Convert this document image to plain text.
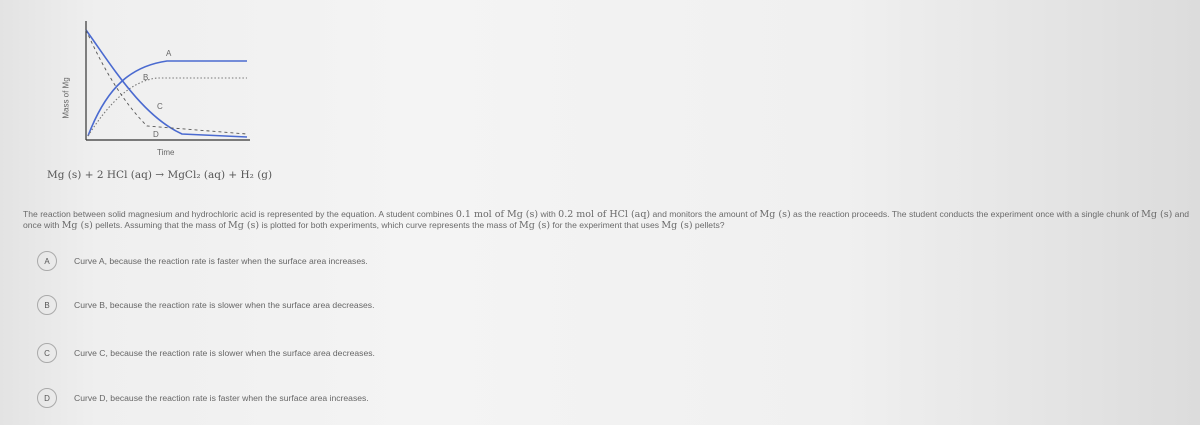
A
B
C
D
Mass of Mg
Time
Mg (s) + 2 HCl (aq) → MgCl₂ (aq) + H₂ (g)
The reaction between solid magnesium and hydrochloric acid is represented by the equation. A student combines 0.1 mol of Mg (s) with 0.2 mol of HCl (aq) and monitors the amount of Mg (s) as the reaction proceeds. The student conducts the experiment once with a single chunk of Mg (s) and once with Mg (s) pellets. Assuming that the mass of Mg (s) is plotted for both experiments, which curve represents the mass of Mg (s) for the experiment that uses Mg (s) pellets?
A	Curve A, because the reaction rate is faster when the surface area increases.
B	Curve B, because the reaction rate is slower when the surface area decreases.
C	Curve C, because the reaction rate is slower when the surface area decreases.
D	Curve D, because the reaction rate is faster when the surface area increases.
